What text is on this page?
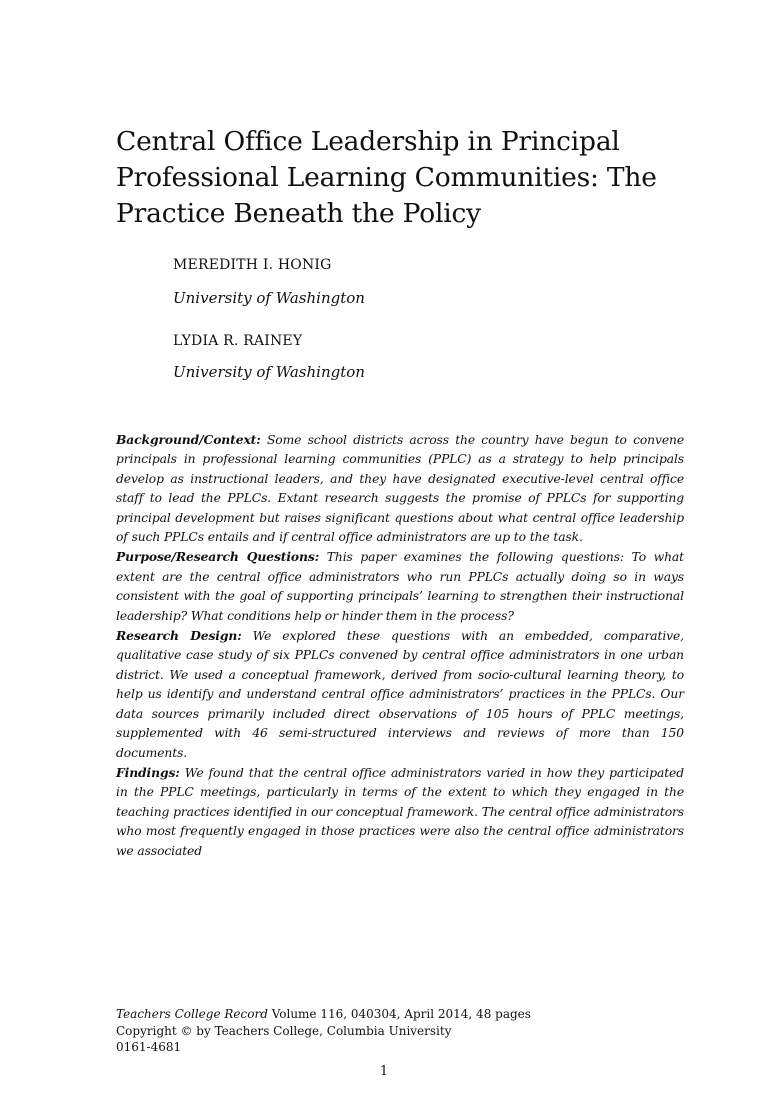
Central Office Leadership in Principal Professional Learning Communities: The Practice Beneath the Policy
MEREDITH I. HONIG
University of Washington
LYDIA R. RAINEY
University of Washington

Background/Context: Some school districts across the country have begun to convene principals in professional learning communities (PPLC) as a strategy to help principals develop as instructional leaders, and they have designated executive-level central office staff to lead the PPLCs. Extant research suggests the promise of PPLCs for supporting principal development but raises significant questions about what central office leadership of such PPLCs entails and if central office administrators are up to the task.

Purpose/Research Questions: This paper examines the following questions: To what extent are the central office administrators who run PPLCs actually doing so in ways consistent with the goal of supporting principals’ learning to strengthen their instructional leadership? What conditions help or hinder them in the process?

Research Design: We explored these questions with an embedded, comparative, qualitative case study of six PPLCs convened by central office administrators in one urban district. We used a conceptual framework, derived from socio-cultural learning theory, to help us identify and understand central office administrators’ practices in the PPLCs. Our data sources primarily included direct observations of 105 hours of PPLC meetings, supplemented with 46 semi-structured interviews and reviews of more than 150 documents.

Findings: We found that the central office administrators varied in how they participated in the PPLC meetings, particularly in terms of the extent to which they engaged in the teaching practices identified in our conceptual framework. The central office administrators who most frequently engaged in those practices were also the central office administrators we associated

Teachers College Record Volume 116, 040304, April 2014, 48 pages
Copyright © by Teachers College, Columbia University
0161-4681
1
